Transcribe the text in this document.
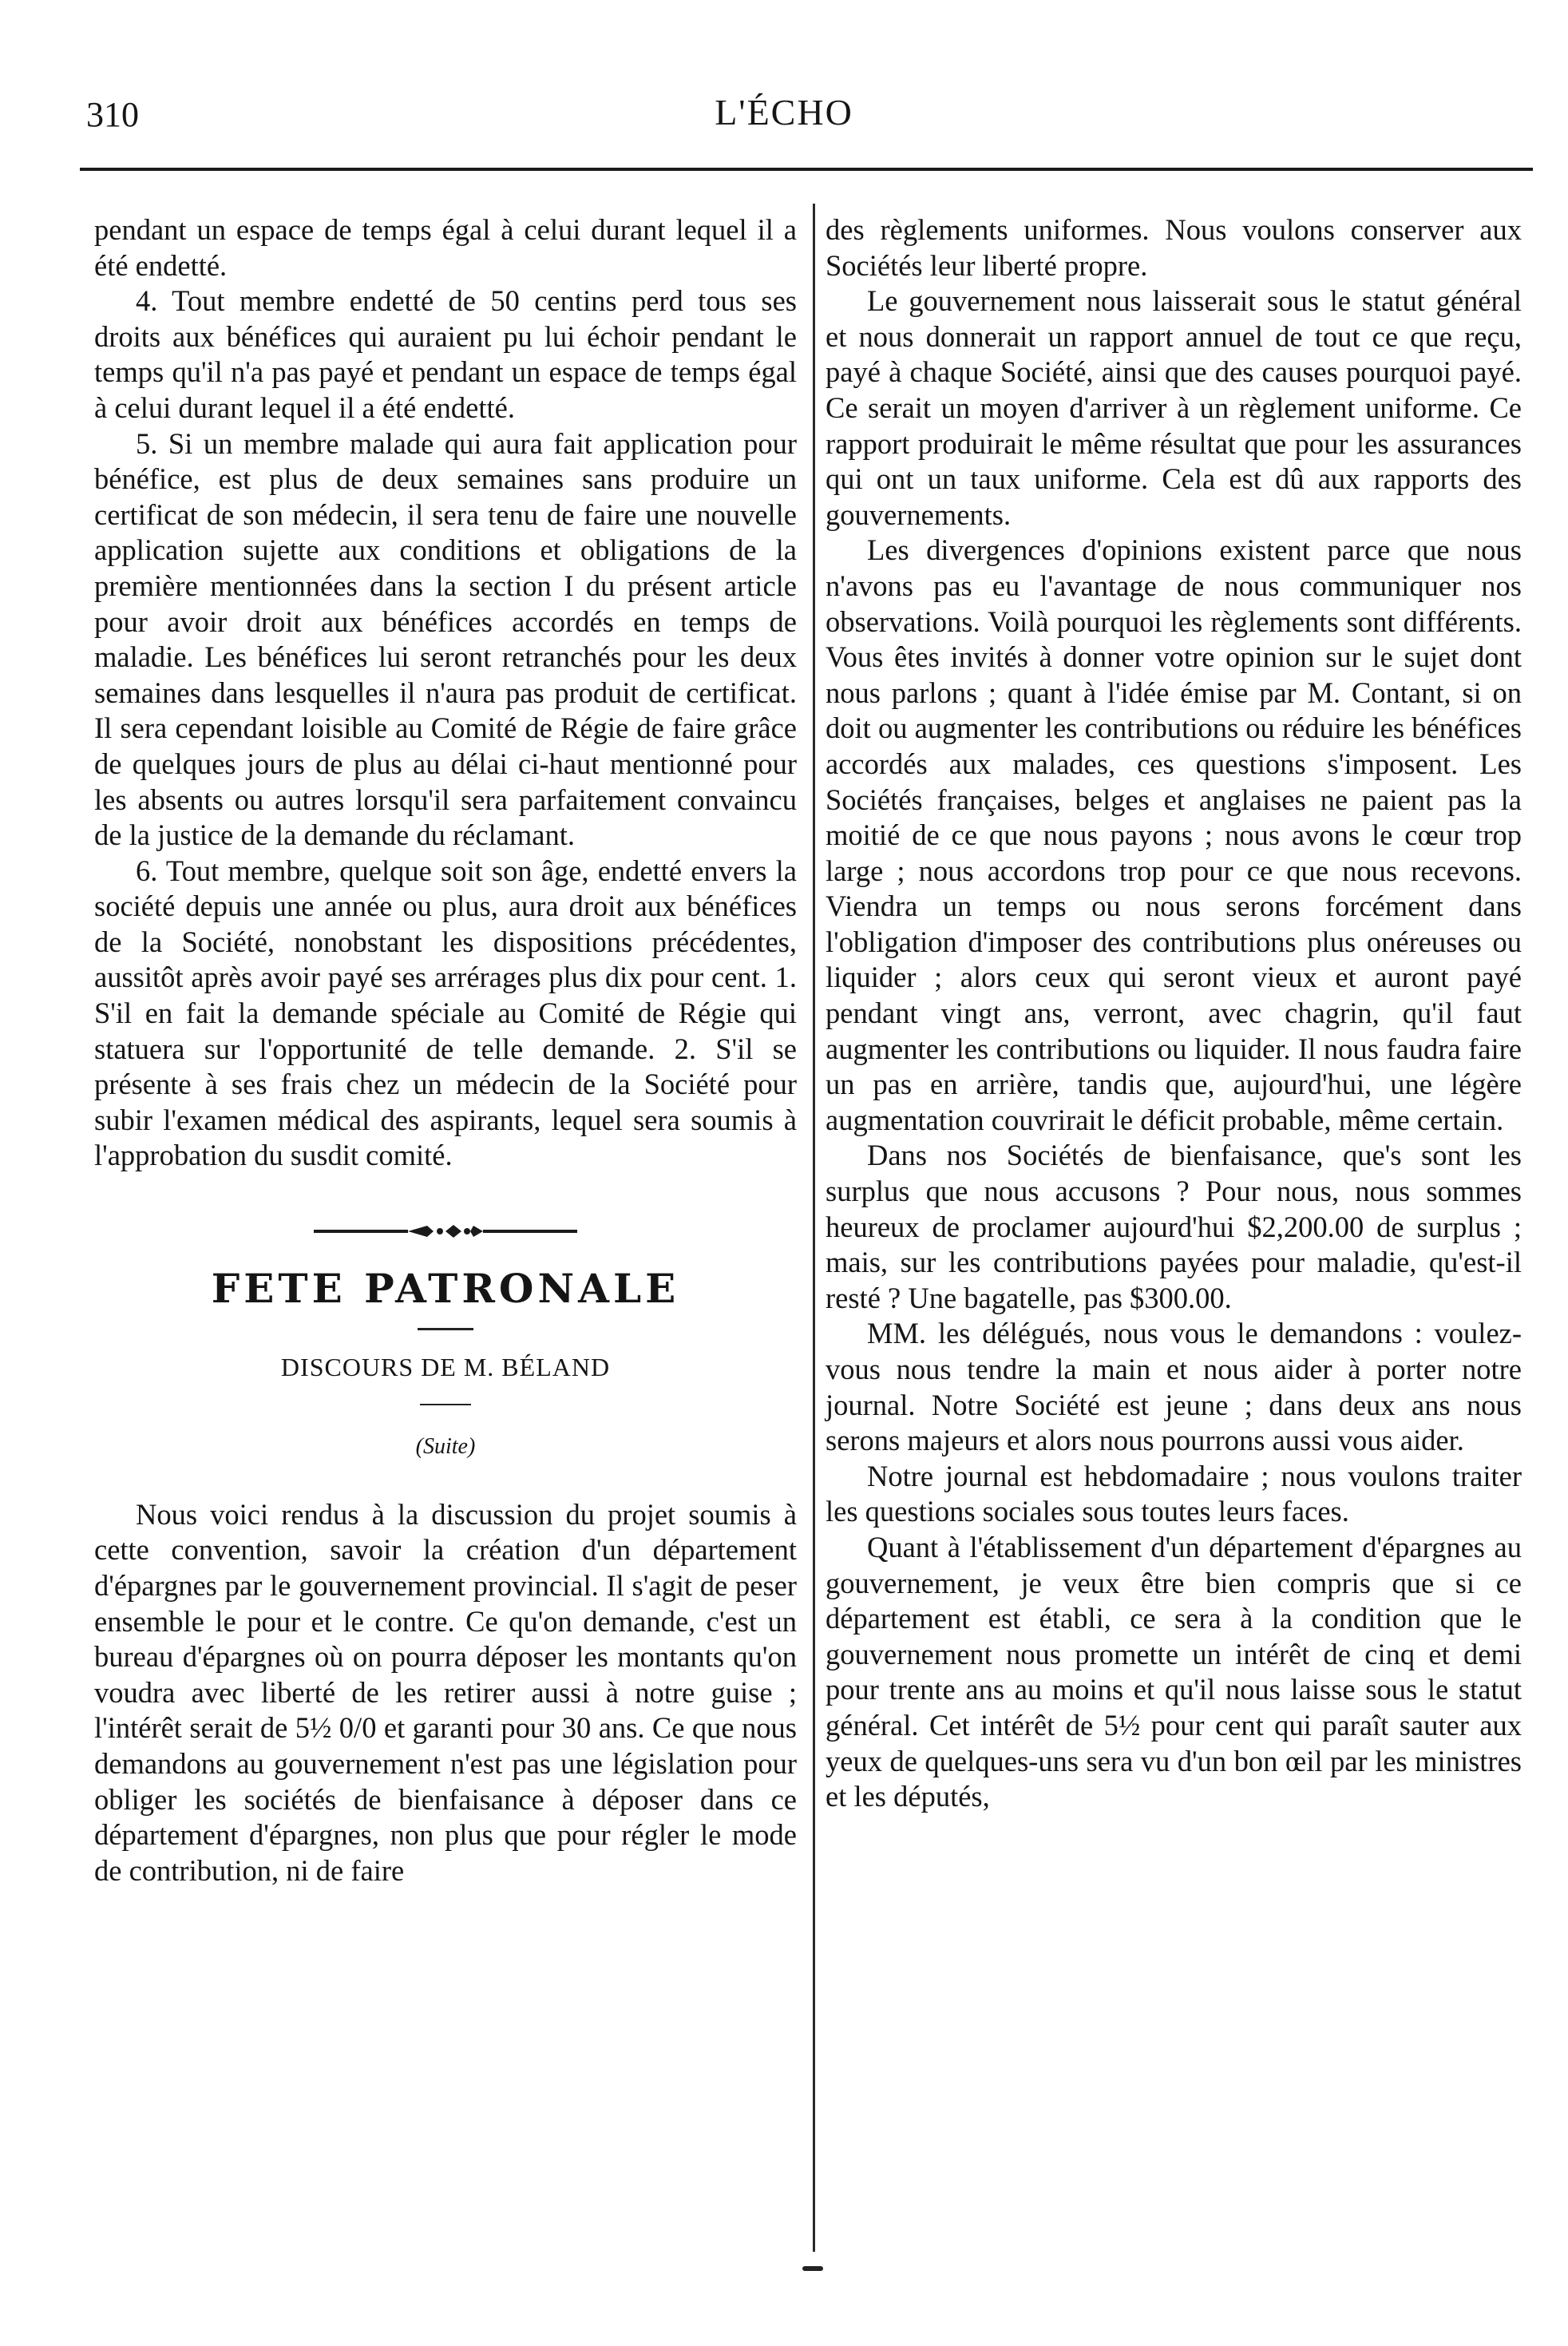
310	L'ÉCHO

pendant un espace de temps égal à celui durant lequel il a été endetté.

4. Tout membre endetté de 50 centins perd tous ses droits aux bénéfices qui auraient pu lui échoir pendant le temps qu'il n'a pas payé et pendant un espace de temps égal à celui durant lequel il a été endetté.

5. Si un membre malade qui aura fait application pour bénéfice, est plus de deux semaines sans produire un certificat de son médecin, il sera tenu de faire une nouvelle application sujette aux conditions et obligations de la première mentionnées dans la section I du présent article pour avoir droit aux bénéfices accordés en temps de maladie. Les bénéfices lui seront retranchés pour les deux semaines dans lesquelles il n'aura pas produit de certificat. Il sera cependant loisible au Comité de Régie de faire grâce de quelques jours de plus au délai ci-haut mentionné pour les absents ou autres lorsqu'il sera parfaitement convaincu de la justice de la demande du réclamant.

6. Tout membre, quelque soit son âge, endetté envers la société depuis une année ou plus, aura droit aux bénéfices de la Société, nonobstant les dispositions précédentes, aussitôt après avoir payé ses arrérages plus dix pour cent. 1. S'il en fait la demande spéciale au Comité de Régie qui statuera sur l'opportunité de telle demande. 2. S'il se présente à ses frais chez un médecin de la Société pour subir l'examen médical des aspirants, lequel sera soumis à l'approbation du susdit comité.

FETE PATRONALE
DISCOURS DE M. BÉLAND
(Suite)

Nous voici rendus à la discussion du projet soumis à cette convention, savoir la création d'un département d'épargnes par le gouvernement provincial. Il s'agit de peser ensemble le pour et le contre. Ce qu'on demande, c'est un bureau d'épargnes où on pourra déposer les montants qu'on voudra avec liberté de les retirer aussi à notre guise ; l'intérêt serait de 5½ 0/0 et garanti pour 30 ans. Ce que nous demandons au gouvernement n'est pas une législation pour obliger les sociétés de bienfaisance à déposer dans ce département d'épargnes, non plus que pour régler le mode de contribution, ni de faire

des règlements uniformes. Nous voulons conserver aux Sociétés leur liberté propre.

Le gouvernement nous laisserait sous le statut général et nous donnerait un rapport annuel de tout ce que reçu, payé à chaque Société, ainsi que des causes pourquoi payé. Ce serait un moyen d'arriver à un règlement uniforme. Ce rapport produirait le même résultat que pour les assurances qui ont un taux uniforme. Cela est dû aux rapports des gouvernements.

Les divergences d'opinions existent parce que nous n'avons pas eu l'avantage de nous communiquer nos observations. Voilà pourquoi les règlements sont différents. Vous êtes invités à donner votre opinion sur le sujet dont nous parlons ; quant à l'idée émise par M. Contant, si on doit ou augmenter les contributions ou réduire les bénéfices accordés aux malades, ces questions s'imposent. Les Sociétés françaises, belges et anglaises ne paient pas la moitié de ce que nous payons ; nous avons le cœur trop large ; nous accordons trop pour ce que nous recevons. Viendra un temps ou nous serons forcément dans l'obligation d'imposer des contributions plus onéreuses ou liquider ; alors ceux qui seront vieux et auront payé pendant vingt ans, verront, avec chagrin, qu'il faut augmenter les contributions ou liquider. Il nous faudra faire un pas en arrière, tandis que, aujourd'hui, une légère augmentation couvrirait le déficit probable, même certain.

Dans nos Sociétés de bienfaisance, que's sont les surplus que nous accusons ? Pour nous, nous sommes heureux de proclamer aujourd'hui $2,200.00 de surplus ; mais, sur les contributions payées pour maladie, qu'est-il resté ? Une bagatelle, pas $300.00.

MM. les délégués, nous vous le demandons : voulez-vous nous tendre la main et nous aider à porter notre journal. Notre Société est jeune ; dans deux ans nous serons majeurs et alors nous pourrons aussi vous aider.

Notre journal est hebdomadaire ; nous voulons traiter les questions sociales sous toutes leurs faces.

Quant à l'établissement d'un département d'épargnes au gouvernement, je veux être bien compris que si ce département est établi, ce sera à la condition que le gouvernement nous promette un intérêt de cinq et demi pour trente ans au moins et qu'il nous laisse sous le statut général. Cet intérêt de 5½ pour cent qui paraît sauter aux yeux de quelques-uns sera vu d'un bon œil par les ministres et les députés,
